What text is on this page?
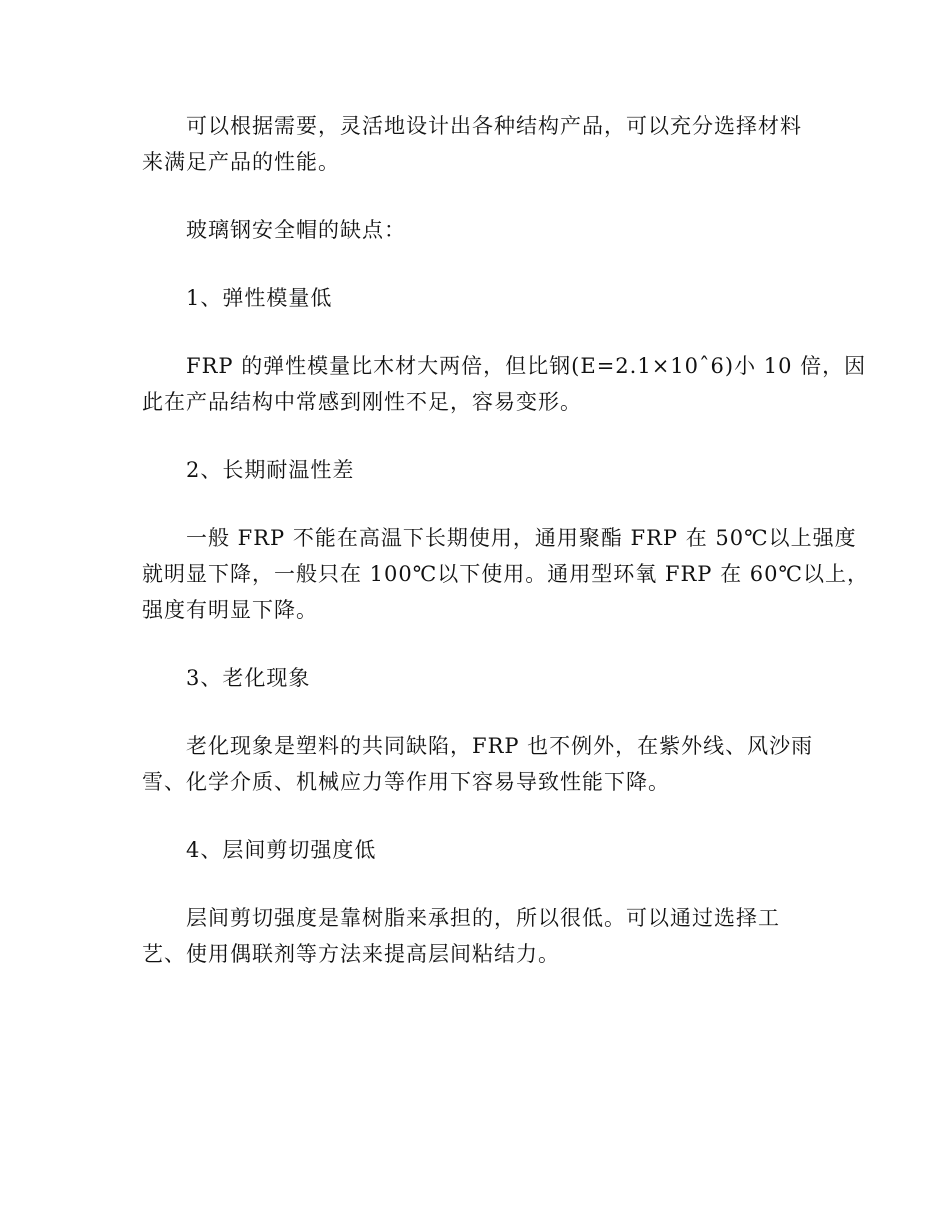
可以根据需要，灵活地设计出各种结构产品，可以充分选择材料
来满足产品的性能。

玻璃钢安全帽的缺点：

1、弹性模量低

FRP 的弹性模量比木材大两倍，但比钢(E=2.1×10ˆ6)小 10 倍，因
此在产品结构中常感到刚性不足，容易变形。

2、长期耐温性差

一般 FRP 不能在高温下长期使用，通用聚酯 FRP 在 50℃以上强度
就明显下降，一般只在 100℃以下使用。通用型环氧 FRP 在 60℃以上，
强度有明显下降。

3、老化现象

老化现象是塑料的共同缺陷，FRP 也不例外，在紫外线、风沙雨
雪、化学介质、机械应力等作用下容易导致性能下降。

4、层间剪切强度低

层间剪切强度是靠树脂来承担的，所以很低。可以通过选择工
艺、使用偶联剂等方法来提高层间粘结力。
